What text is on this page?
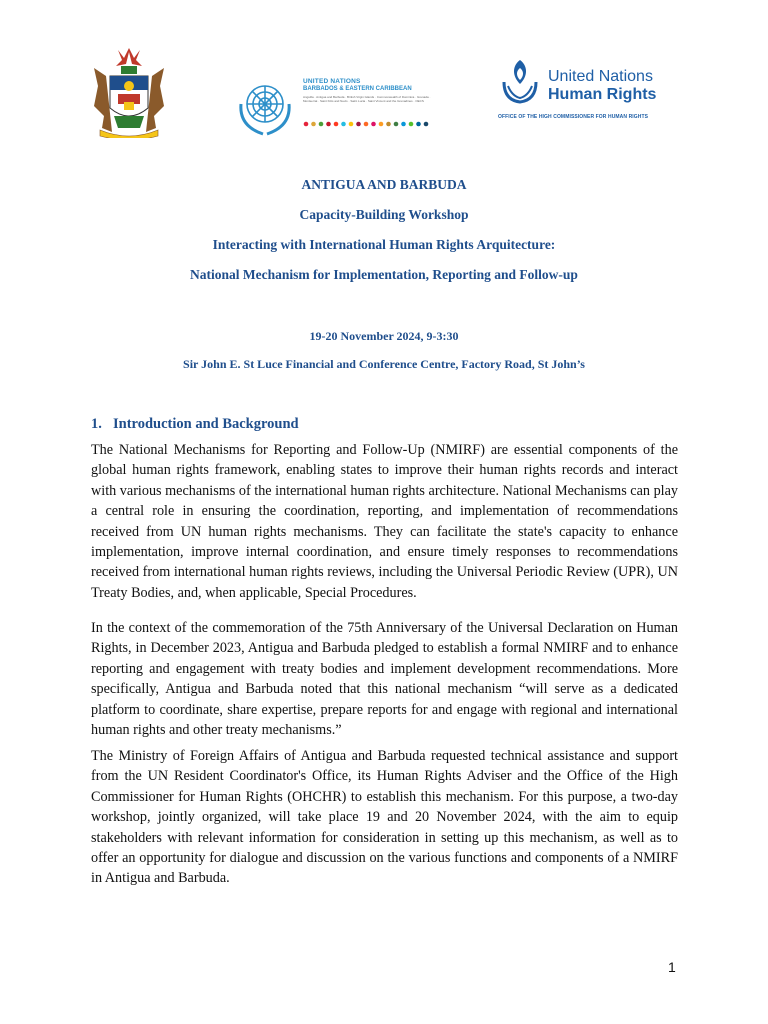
UNITED NATIONS
BARBADOS & EASTERN CARIBBEAN
Anguilla · Antigua and Barbuda · British Virgin Islands · Commonwealth of Dominica · Grenada · Montserrat · Saint Kitts and Nevis · Saint Lucia · Saint Vincent and the Grenadines · OECS
United Nations
Human Rights
OFFICE OF THE HIGH COMMISSIONER FOR HUMAN RIGHTS
ANTIGUA AND BARBUDA
Capacity-Building Workshop
Interacting with International Human Rights Arquitecture:
National Mechanism for Implementation, Reporting and Follow-up
19-20 November 2024, 9-3:30
Sir John E. St Luce Financial and Conference Centre, Factory Road, St John’s
1. Introduction and Background
The National Mechanisms for Reporting and Follow-Up (NMIRF) are essential components of the global human rights framework, enabling states to improve their human rights records and interact with various mechanisms of the international human rights architecture. National Mechanisms can play a central role in ensuring the coordination, reporting, and implementation of recommendations received from UN human rights mechanisms. They can facilitate the state's capacity to enhance implementation, improve internal coordination, and ensure timely responses to recommendations received from international human rights reviews, including the Universal Periodic Review (UPR), UN Treaty Bodies, and, when applicable, Special Procedures.
In the context of the commemoration of the 75th Anniversary of the Universal Declaration on Human Rights, in December 2023, Antigua and Barbuda pledged to establish a formal NMIRF and to enhance reporting and engagement with treaty bodies and implement development recommendations. More specifically, Antigua and Barbuda noted that this national mechanism “will serve as a dedicated platform to coordinate, share expertise, prepare reports for and engage with regional and international human rights and other treaty mechanisms.”
The Ministry of Foreign Affairs of Antigua and Barbuda requested technical assistance and support from the UN Resident Coordinator's Office, its Human Rights Adviser and the Office of the High Commissioner for Human Rights (OHCHR) to establish this mechanism. For this purpose, a two-day workshop, jointly organized, will take place 19 and 20 November 2024, with the aim to equip stakeholders with relevant information for consideration in setting up this mechanism, as well as to offer an opportunity for dialogue and discussion on the various functions and components of a NMIRF in Antigua and Barbuda.
1
